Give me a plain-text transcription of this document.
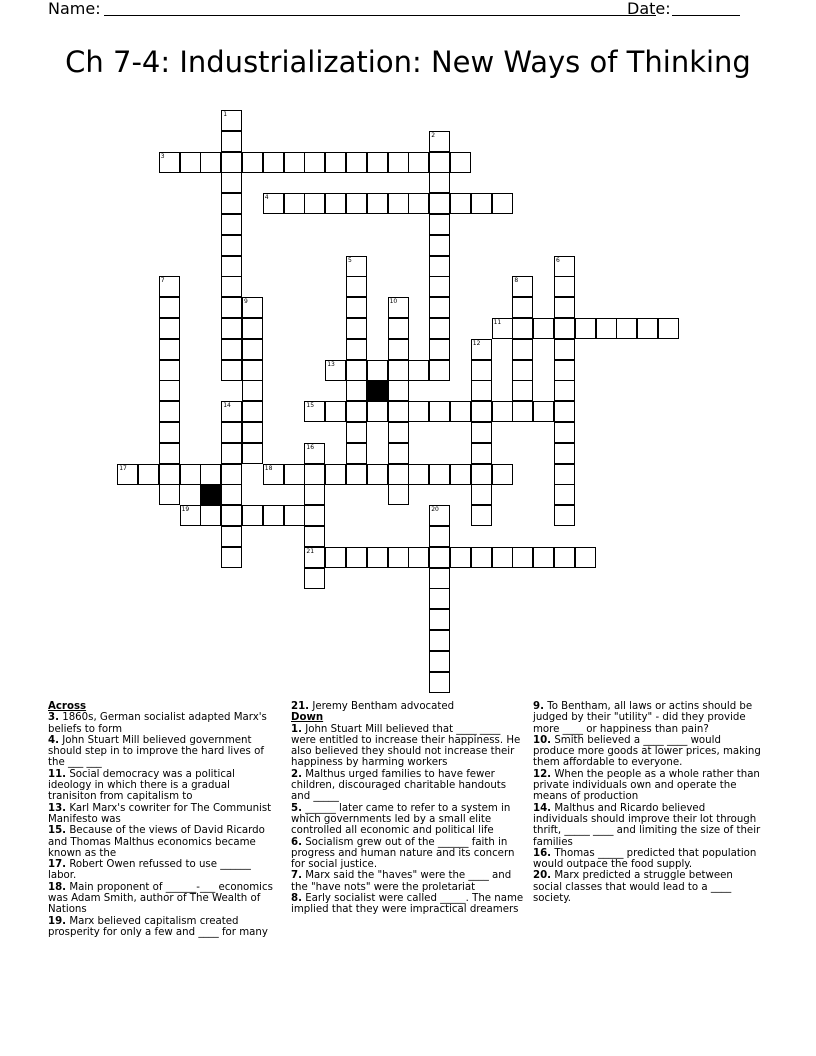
Name:	Date:
Ch 7-4: Industrialization: New Ways of Thinking
1
2
3
4
5	6
7	8
9	10
11
12
13
14	15
16
21
17	18
19	20
Across
3. 1860s, German socialist adapted Marx's beliefs to form
4. John Stuart Mill believed government should step in to improve the hard lives of the ___ ___
11. Social democracy was a political ideology in which there is a gradual tranisiton from capitalism to
13. Karl Marx's cowriter for The Communist Manifesto was
15. Because of the views of David Ricardo and Thomas Malthus economics became known as the
17. Robert Owen refussed to use ______ labor.
18. Main proponent of ______-___ economics was Adam Smith, author of The Wealth of Nations
19. Marx believed capitalism created prosperity for only a few and ____ for many
21. Jeremy Bentham advocated
Down
1. John Stuart Mill believed that ____ ____ were entitled to increase their happiness. He also believed they should not increase their happiness by harming workers
2. Malthus urged families to have fewer children, discouraged charitable handouts and _____
5. ______ later came to refer to a system in which governments led by a small elite controlled all economic and political life
6. Socialism grew out of the ______ faith in progress and human nature and its concern for social justice.
7. Marx said the "haves" were the ____ and the "have nots" were the proletariat
8. Early socialist were called _____. The name implied that they were impractical dreamers
9. To Bentham, all laws or actins should be judged by their "utility" - did they provide more ____ or happiness than pain?
10. Smith believed a ____ ____ would produce more goods at lower prices, making them affordable to everyone.
12. When the people as a whole rather than private individuals own and operate the means of production
14. Malthus and Ricardo believed individuals should improve their lot through thrift, _____ ____ and limiting the size of their families
16. Thomas _____ predicted that population would outpace the food supply.
20. Marx predicted a struggle between social classes that would lead to a ____ society.
